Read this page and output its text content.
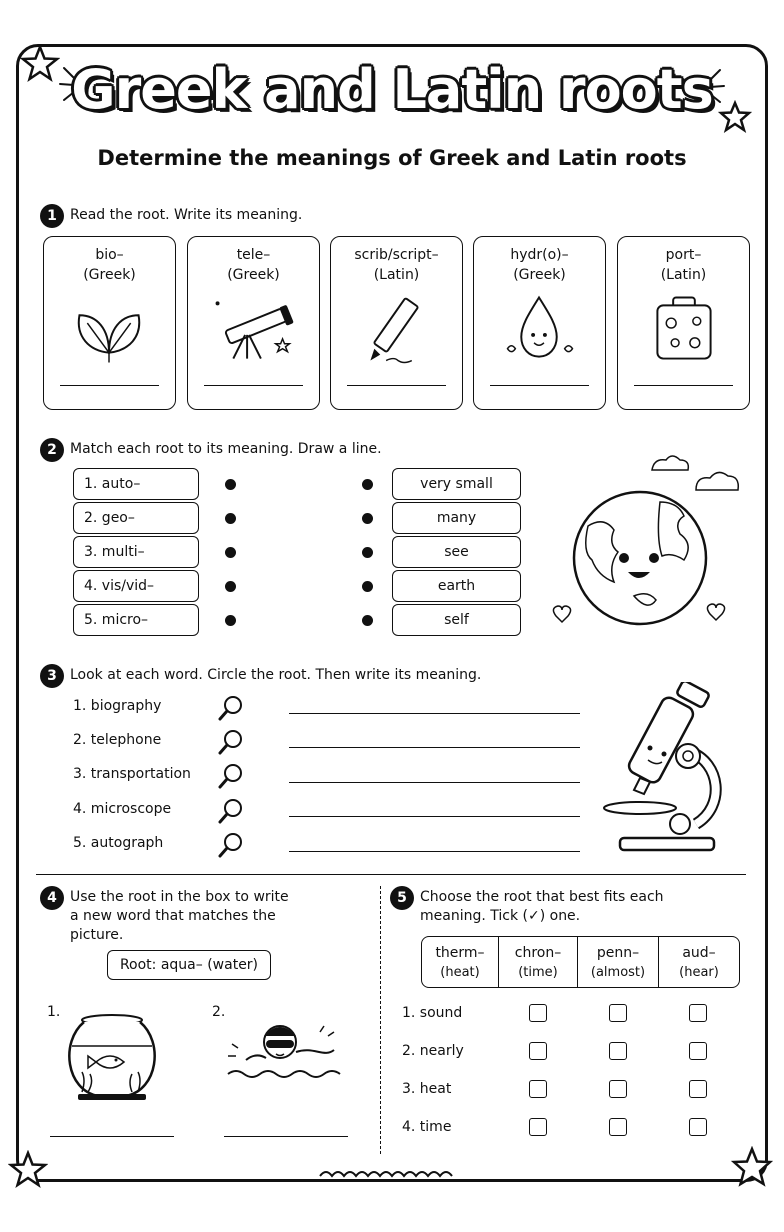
Greek and Latin roots
Determine the meanings of Greek and Latin roots
1 Read the root. Write its meaning.
bio–
(Greek)
tele–
(Greek)
scrib/script–
(Latin)
hydr(o)–
(Greek)
port–
(Latin)
2 Match each root to its meaning. Draw a line.
1. auto–
2. geo–
3. multi–
4. vis/vid–
5. micro–
very small
many
see
earth
self
3 Look at each word. Circle the root. Then write its meaning.
1. biography
2. telephone
3. transportation
4. microscope
5. autograph
4 Use the root in the box to write a new word that matches the picture.
Root: aqua– (water)
1.	2.
5 Choose the root that best fits each meaning. Tick (✓) one.
therm–
(heat)
chron–
(time)
penn–
(almost)
aud–
(hear)
1. sound
2. nearly
3. heat
4. time
